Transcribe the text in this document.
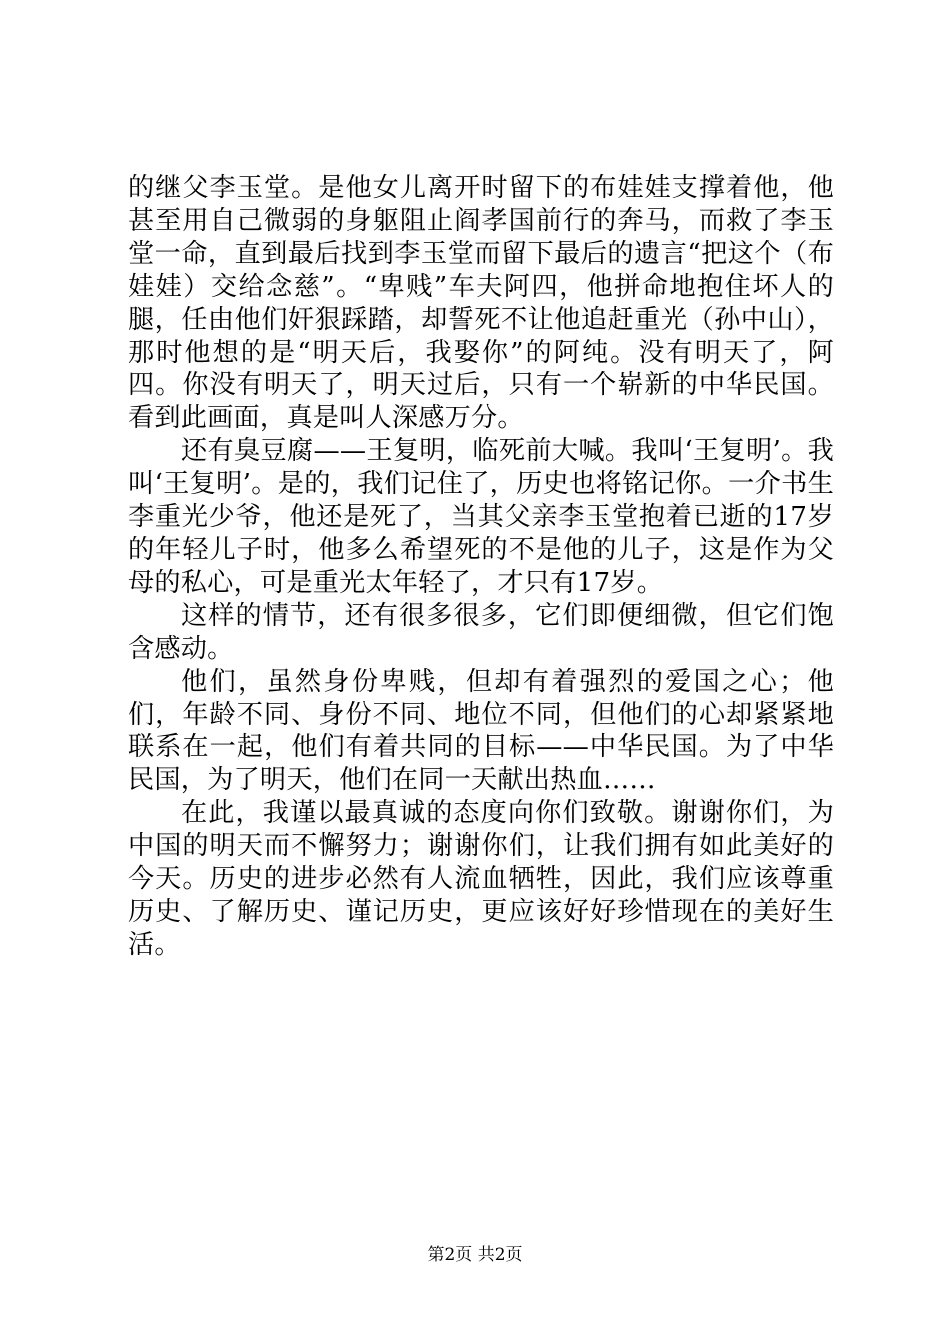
的继父李玉堂。是他女儿离开时留下的布娃娃支撑着他，他甚至用自己微弱的身躯阻止阎孝国前行的奔马，而救了李玉堂一命，直到最后找到李玉堂而留下最后的遗言“把这个（布娃娃）交给念慈”。“卑贱”车夫阿四，他拼命地抱住坏人的腿，任由他们奸狠踩踏，却誓死不让他追赶重光（孙中山），那时他想的是“明天后，我娶你”的阿纯。没有明天了，阿四。你没有明天了，明天过后，只有一个崭新的中华民国。看到此画面，真是叫人深感万分。

还有臭豆腐——王复明，临死前大喊。我叫‘王复明’。我叫‘王复明’。是的，我们记住了，历史也将铭记你。一介书生李重光少爷，他还是死了，当其父亲李玉堂抱着已逝的17岁的年轻儿子时，他多么希望死的不是他的儿子，这是作为父母的私心，可是重光太年轻了，才只有17岁。

这样的情节，还有很多很多，它们即便细微，但它们饱含感动。

他们，虽然身份卑贱，但却有着强烈的爱国之心；他们，年龄不同、身份不同、地位不同，但他们的心却紧紧地联系在一起，他们有着共同的目标——中华民国。为了中华民国，为了明天，他们在同一天献出热血……

在此，我谨以最真诚的态度向你们致敬。谢谢你们，为中国的明天而不懈努力；谢谢你们，让我们拥有如此美好的今天。历史的进步必然有人流血牺牲，因此，我们应该尊重历史、了解历史、谨记历史，更应该好好珍惜现在的美好生活。

第2页 共2页
